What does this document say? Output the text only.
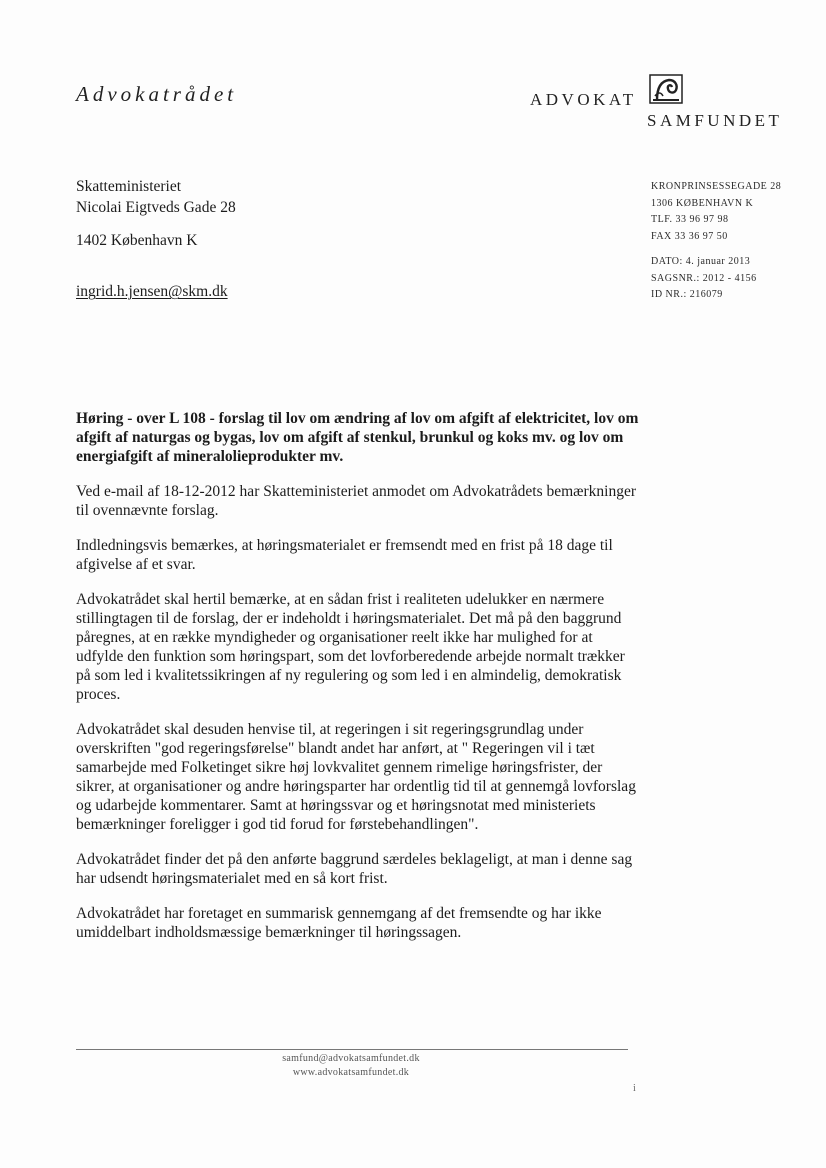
Advokatrådet	ADVOKAT
SAMFUNDET
Skatteministeriet
Nicolai Eigtveds Gade 28
1402 København K
ingrid.h.jensen@skm.dk
KRONPRINSESSEGADE 28
1306 KØBENHAVN K
TLF. 33 96 97 98
FAX 33 36 97 50
DATO: 4. januar 2013
SAGSNR.: 2012 - 4156
ID NR.: 216079
Høring - over L 108 - forslag til lov om ændring af lov om afgift af elektricitet, lov om afgift af naturgas og bygas, lov om afgift af stenkul, brunkul og koks mv. og lov om energiafgift af mineralolieprodukter mv.

Ved e-mail af 18-12-2012 har Skatteministeriet anmodet om Advokatrådets bemærkninger til ovennævnte forslag.

Indledningsvis bemærkes, at høringsmaterialet er fremsendt med en frist på 18 dage til afgivelse af et svar.

Advokatrådet skal hertil bemærke, at en sådan frist i realiteten udelukker en nærmere stillingtagen til de forslag, der er indeholdt i høringsmaterialet. Det må på den baggrund påregnes, at en række myndigheder og organisationer reelt ikke har mulighed for at udfylde den funktion som høringspart, som det lovforberedende arbejde normalt trækker på som led i kvalitetssikringen af ny regulering og som led i en almindelig, demokratisk proces.

Advokatrådet skal desuden henvise til, at regeringen i sit regeringsgrundlag under overskriften "god regeringsførelse" blandt andet har anført, at " Regeringen vil i tæt samarbejde med Folketinget sikre høj lovkvalitet gennem rimelige høringsfrister, der sikrer, at organisationer og andre høringsparter har ordentlig tid til at gennemgå lovforslag og udarbejde kommentarer. Samt at høringssvar og et høringsnotat med ministeriets bemærkninger foreligger i god tid forud for førstebehandlingen".

Advokatrådet finder det på den anførte baggrund særdeles beklageligt, at man i denne sag har udsendt høringsmaterialet med en så kort frist.

Advokatrådet har foretaget en summarisk gennemgang af det fremsendte og har ikke umiddelbart indholdsmæssige bemærkninger til høringssagen.

samfund@advokatsamfundet.dk
www.advokatsamfundet.dk
i
